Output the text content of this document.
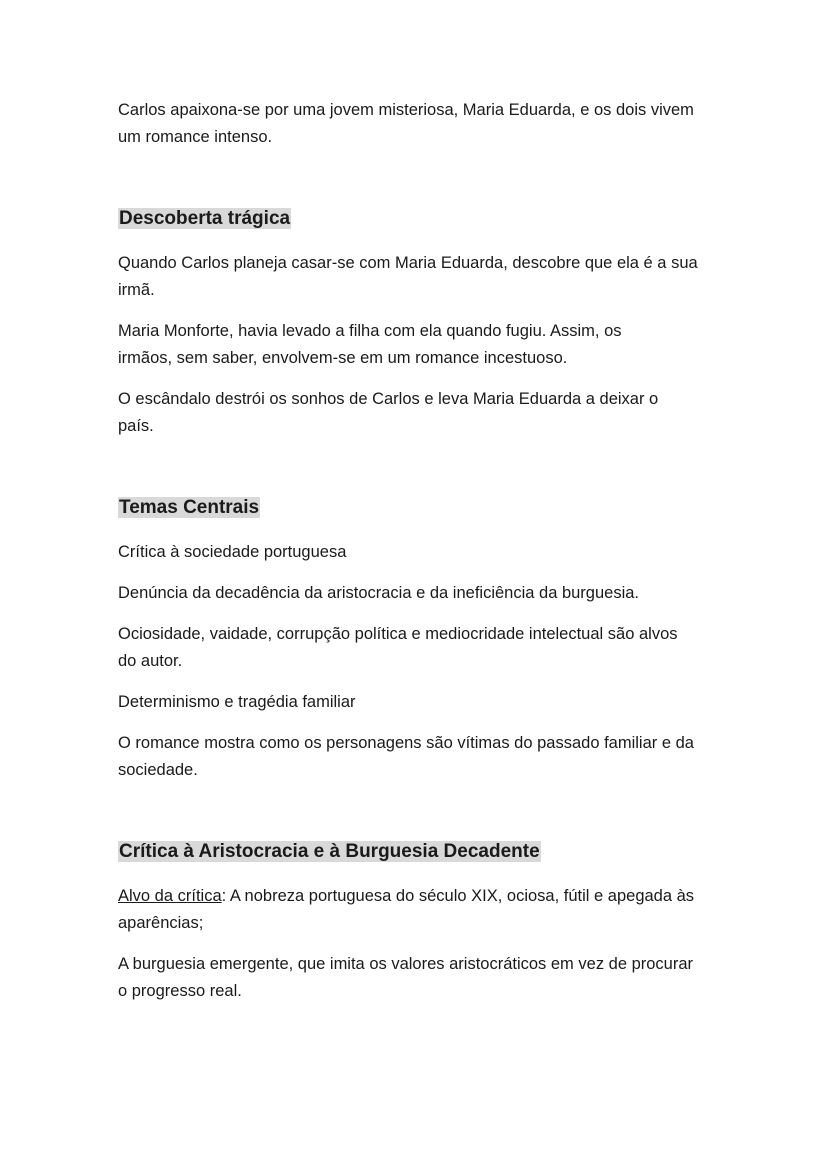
Carlos apaixona-se por uma jovem misteriosa, Maria Eduarda, e os dois vivem um romance intenso.

Descoberta trágica

Quando Carlos planeja casar-se com Maria Eduarda, descobre que ela é a sua irmã.

Maria Monforte, havia levado a filha com ela quando fugiu. Assim, os irmãos, sem saber, envolvem-se em um romance incestuoso.

O escândalo destrói os sonhos de Carlos e leva Maria Eduarda a deixar o país.

Temas Centrais

Crítica à sociedade portuguesa

Denúncia da decadência da aristocracia e da ineficiência da burguesia.

Ociosidade, vaidade, corrupção política e mediocridade intelectual são alvos do autor.

Determinismo e tragédia familiar

O romance mostra como os personagens são vítimas do passado familiar e da sociedade.

Crítica à Aristocracia e à Burguesia Decadente

Alvo da crítica: A nobreza portuguesa do século XIX, ociosa, fútil e apegada às aparências;

A burguesia emergente, que imita os valores aristocráticos em vez de procurar o progresso real.
